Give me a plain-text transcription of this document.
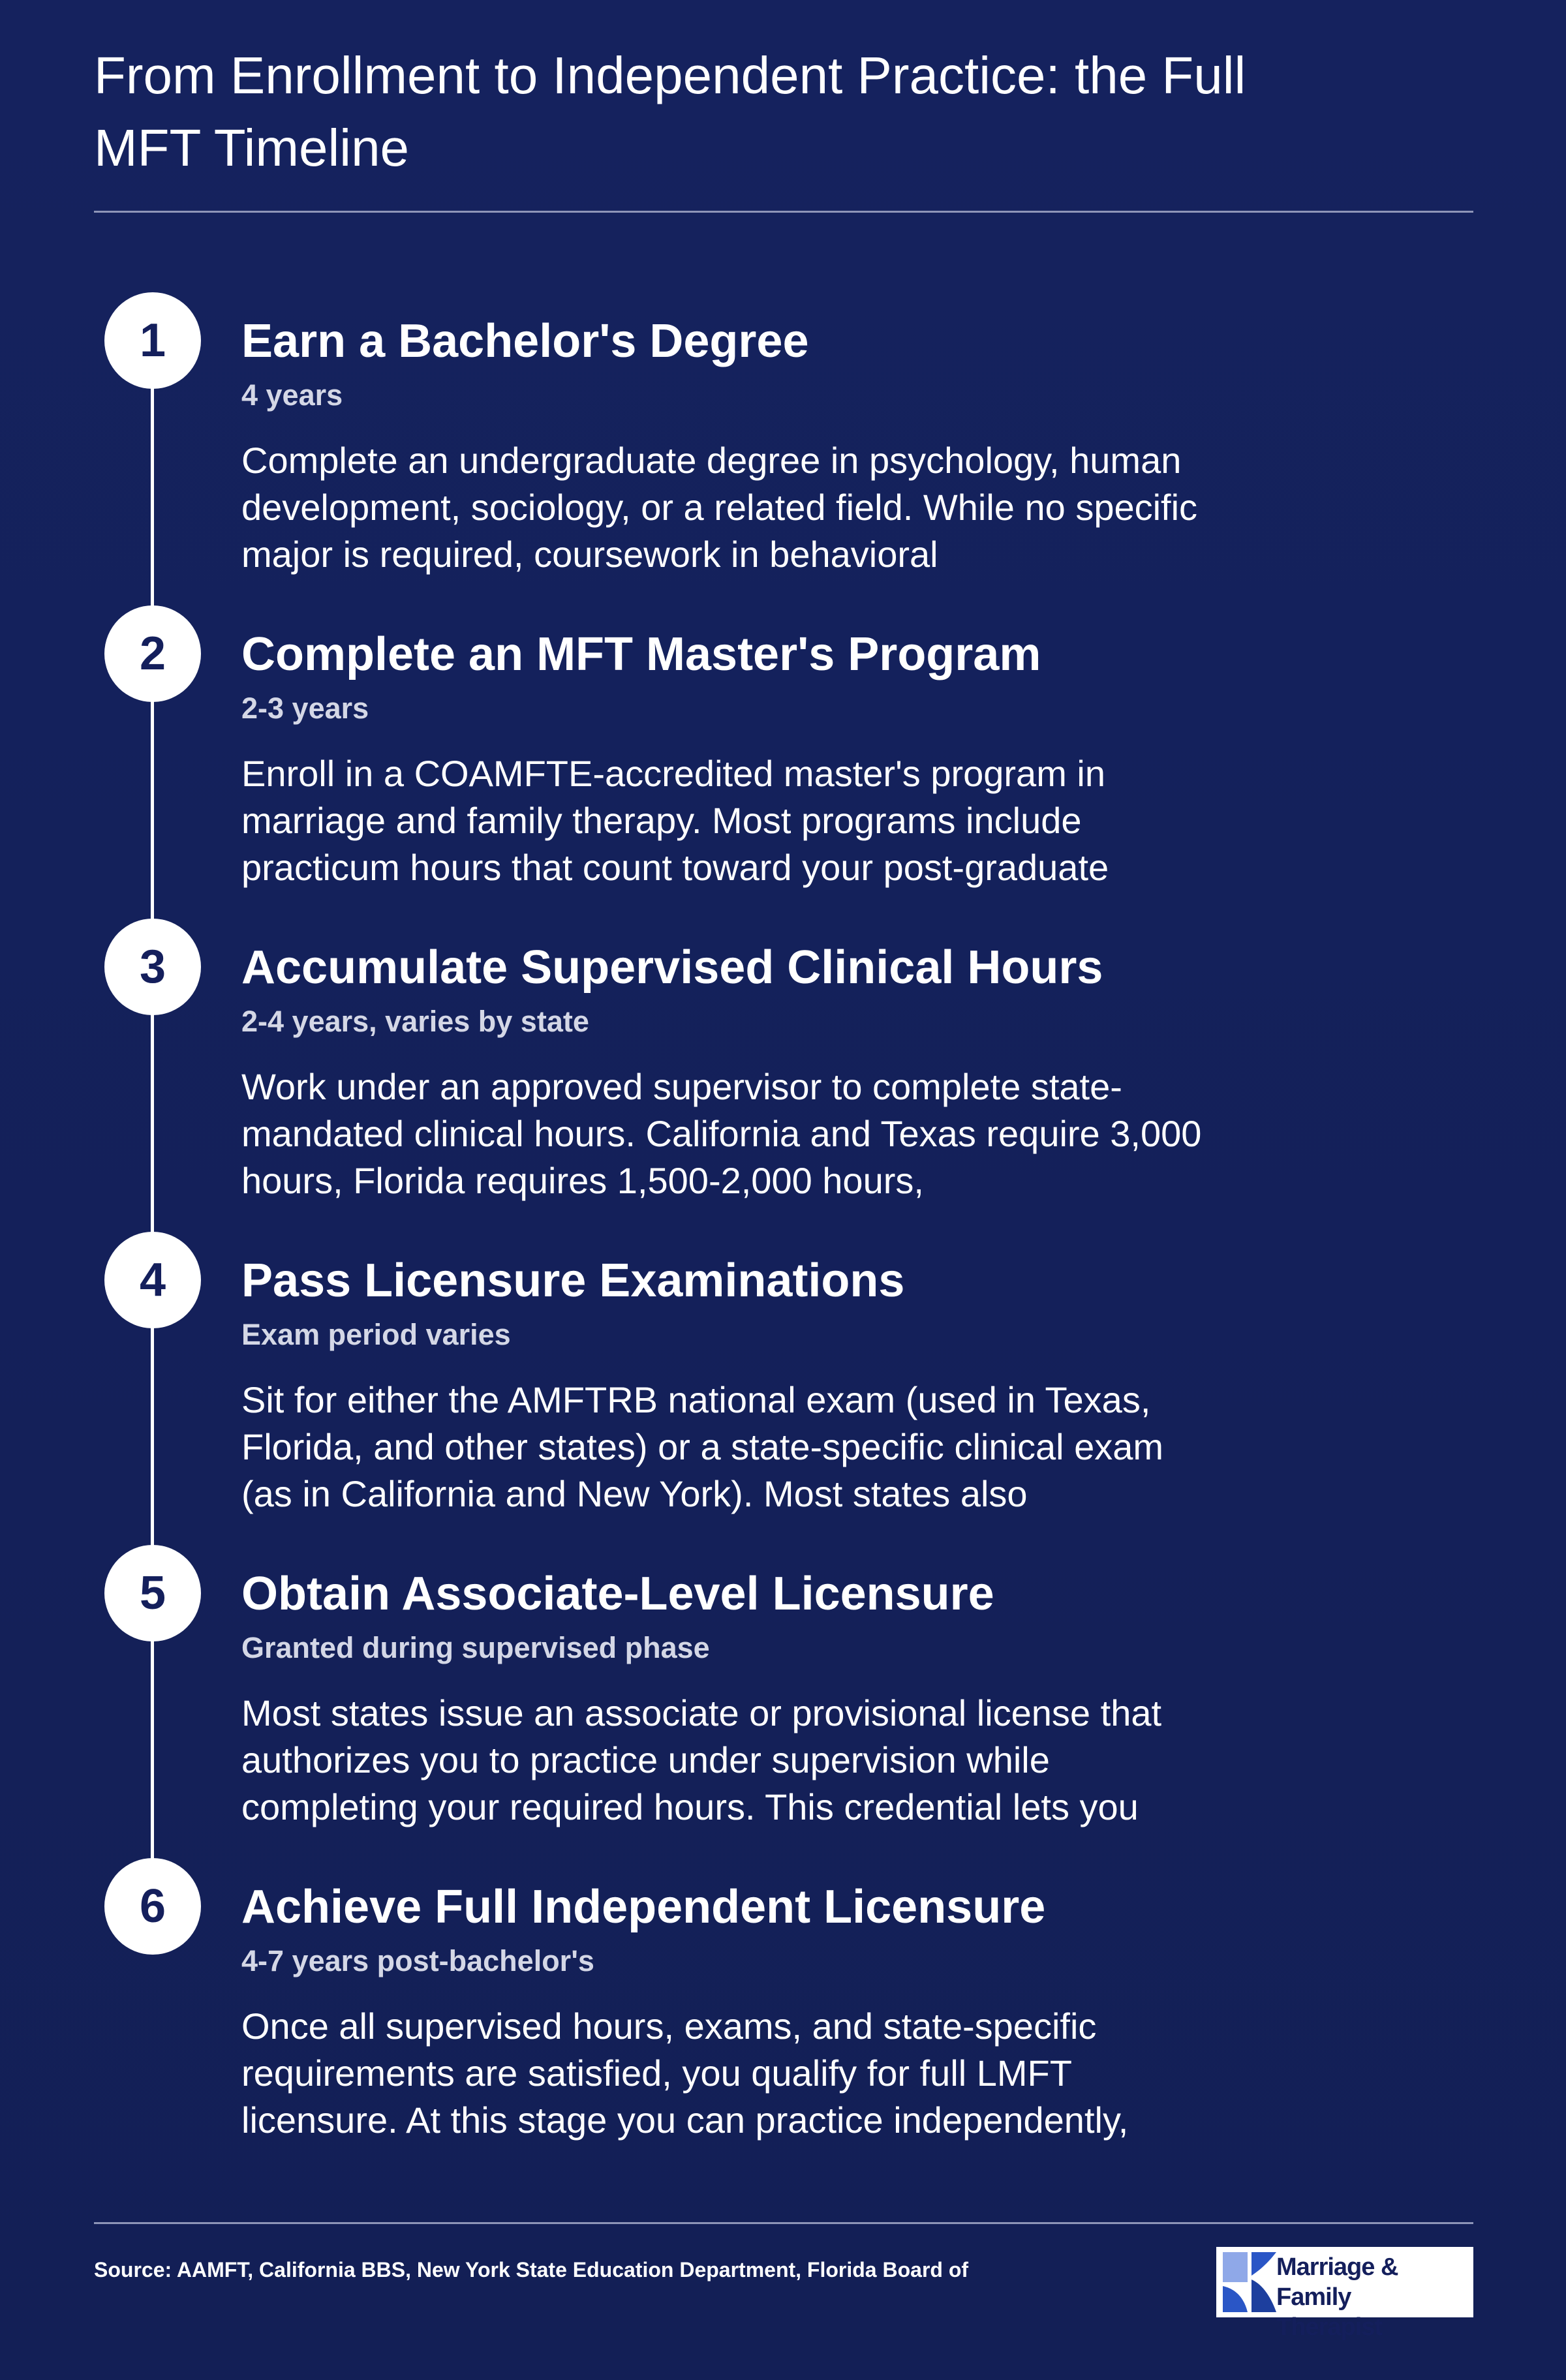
From Enrollment to Independent Practice: the Full MFT Timeline
1	Earn a Bachelor's Degree
4 years
Complete an undergraduate degree in psychology, human development, sociology, or a related field. While no specific major is required, coursework in behavioral
2	Complete an MFT Master's Program
2-3 years
Enroll in a COAMFTE-accredited master's program in marriage and family therapy. Most programs include practicum hours that count toward your post-graduate
3	Accumulate Supervised Clinical Hours
2-4 years, varies by state
Work under an approved supervisor to complete state-mandated clinical hours. California and Texas require 3,000 hours, Florida requires 1,500-2,000 hours,
4	Pass Licensure Examinations
Exam period varies
Sit for either the AMFTRB national exam (used in Texas, Florida, and other states) or a state-specific clinical exam (as in California and New York). Most states also
5	Obtain Associate-Level Licensure
Granted during supervised phase
Most states issue an associate or provisional license that authorizes you to practice under supervision while completing your required hours. This credential lets you
6	Achieve Full Independent Licensure
4-7 years post-bachelor's
Once all supervised hours, exams, and state-specific requirements are satisfied, you qualify for full LMFT licensure. At this stage you can practice independently,
Source: AAMFT, California BBS, New York State Education Department, Florida Board of	Marriage & Family
Therapist
